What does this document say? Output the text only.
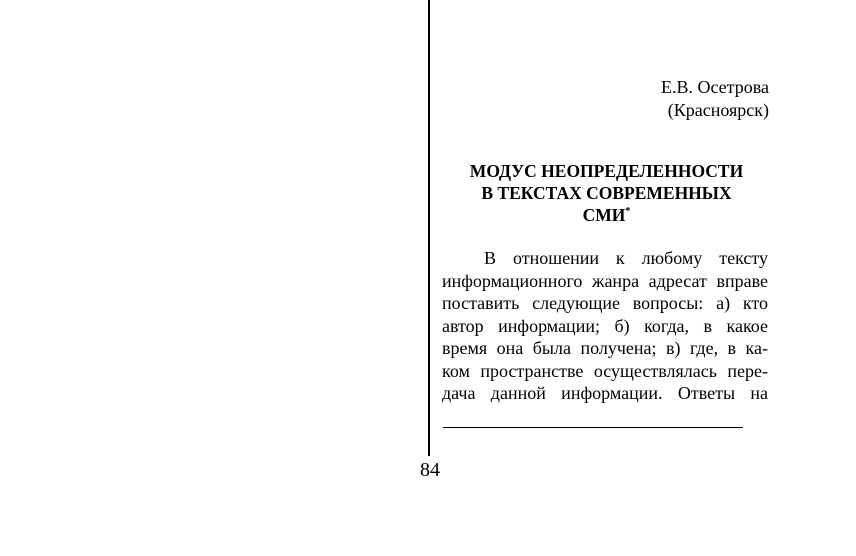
Е.В. Осетрова
(Красноярск)
МОДУС НЕОПРЕДЕЛЕННОСТИ
В ТЕКСТАХ СОВРЕМЕННЫХ
СМИ*
В отношении к любому тексту
информационного жанра адресат вправе
поставить следующие вопросы: а) кто
автор информации; б) когда, в какое
время она была получена; в) где, в ка-
ком пространстве осуществлялась пере-
дача данной информации. Ответы на
84
